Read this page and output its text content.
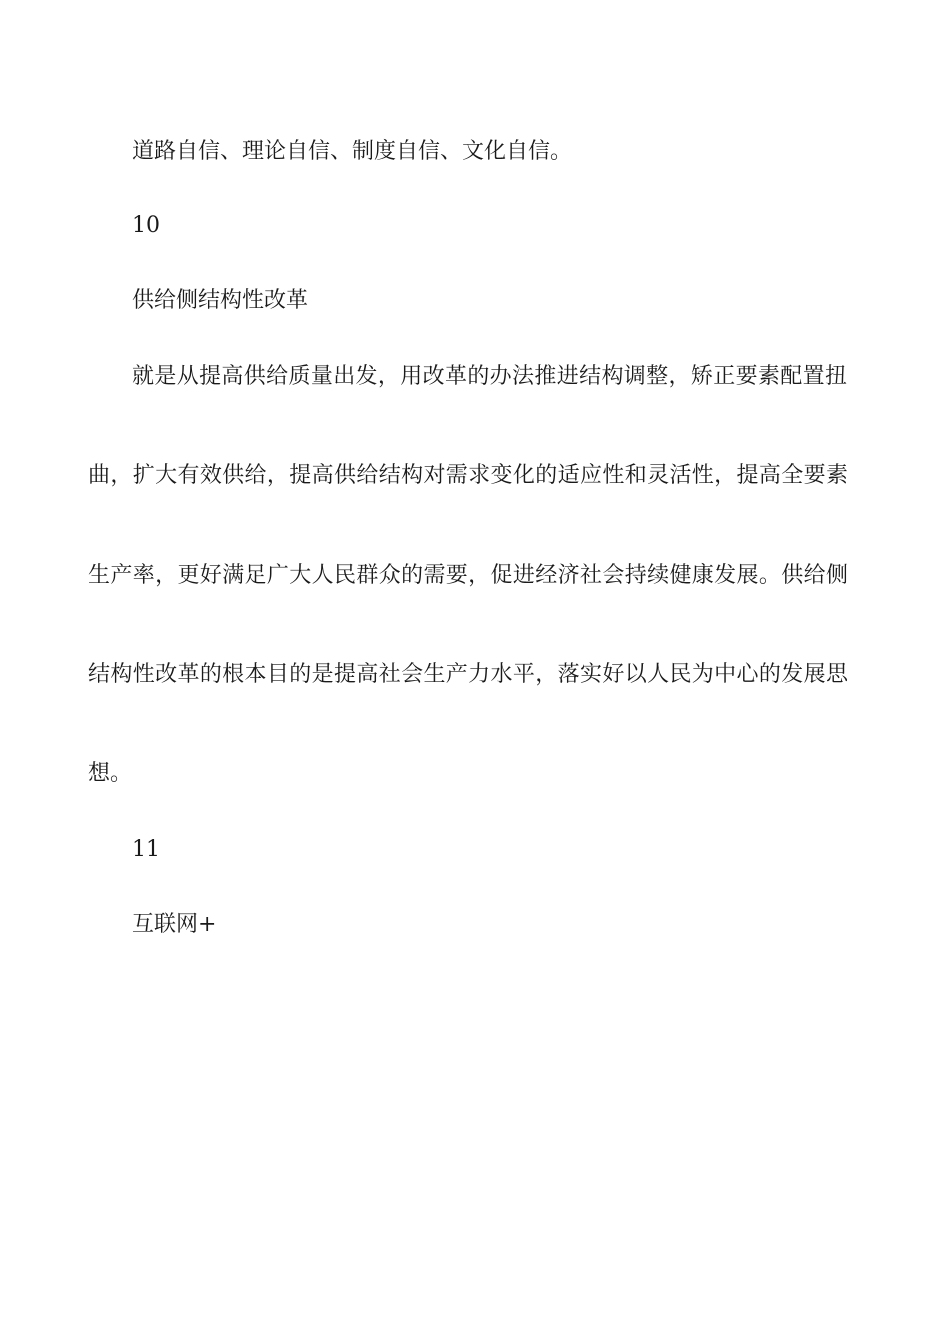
道路自信、理论自信、制度自信、文化自信。
10
供给侧结构性改革
就是从提高供给质量出发，用改革的办法推进结构调整，矫正要素配置扭
曲，扩大有效供给，提高供给结构对需求变化的适应性和灵活性，提高全要素
生产率，更好满足广大人民群众的需要，促进经济社会持续健康发展。供给侧
结构性改革的根本目的是提高社会生产力水平，落实好以人民为中心的发展思
想。
11
互联网+
